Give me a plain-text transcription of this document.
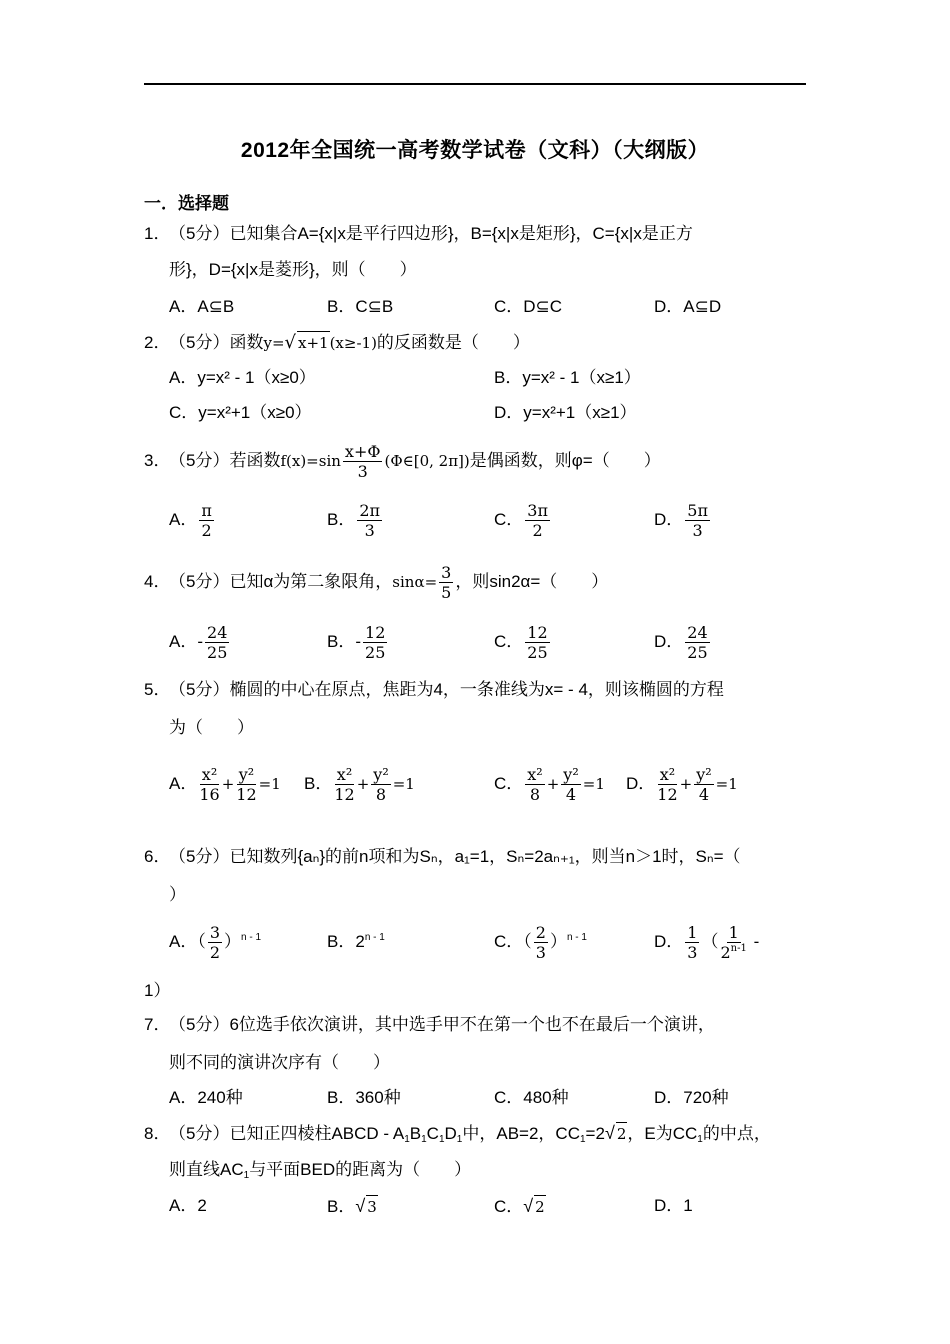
2012年全国统一高考数学试卷（文科）（大纲版）
一．选择题
1．（5分）已知集合A={x|x是平行四边形}，B={x|x是矩形}，C={x|x是正方
形}，D={x|x是菱形}，则（　　）
A．A⊆B	B．C⊆B	C．D⊆C	D．A⊆D
2．（5分）函数y=√ x+1(x≥-1)的反函数是（　　）
A．y=x² - 1（x≥0）	B．y=x² - 1（x≥1）
C．y=x²+1（x≥0）	D．y=x²+1（x≥1）
3．（5分）若函数$f(x)=\sin \frac{x+\Phi}{3}$ (Φ∈[0, 2π])是偶函数，则φ=（　　）
A． $\frac{\pi}{2}$	B． $\frac{2\pi}{3}$	C． $\frac{3\pi}{2}$	D． $\frac{5\pi}{3}$
4．（5分）已知α为第二象限角，$\sin\alpha= \frac{3}{5}$ ，则sin2α=（　　）
A．- $\frac{24}{25}$	B．- $\frac{12}{25}$	C． $\frac{12}{25}$	D． $\frac{24}{25}$
5．（5分）椭圆的中心在原点，焦距为4，一条准线为x= - 4，则该椭圆的方程
为（　　）
A． $\frac{\text{x²}}{16} + \frac{\text{y²}}{12} =1$ B． $\frac{\text{x²}}{12} + \frac{\text{y²}}{8} =1$	C． $\frac{\text{x²}}{8} + \frac{\text{y²}}{4} =1$ D． $\frac{\text{x²}}{12} + \frac{\text{y²}}{4} =1$
6．（5分）已知数列{aₙ}的前n项和为Sₙ，a₁=1，Sₙ=2aₙ₊₁，则当n＞1时，Sₙ=（
）
A．（ $\frac{3}{2} )^{n - 1}$	B．2$^{n - 1}$	C．（ $\frac{2}{3} )^{n - 1}$	D． $\frac{1}{3}$ （ $\frac{1}{2^{n-1}}$ -
1）
7．（5分）6位选手依次演讲，其中选手甲不在第一个也不在最后一个演讲，
则不同的演讲次序有（　　）
A．240种	B．360种	C．480种	D．720种
8．（5分）已知正四棱柱ABCD - $A_1B_1C_1D_1$中，AB=2，$CC_1=2√$ 2，E为$CC_1$的中点，
则直线$AC_1$与平面BED的距离为（　　）
A．2	B．√ 3	C．√ 2	D．1
